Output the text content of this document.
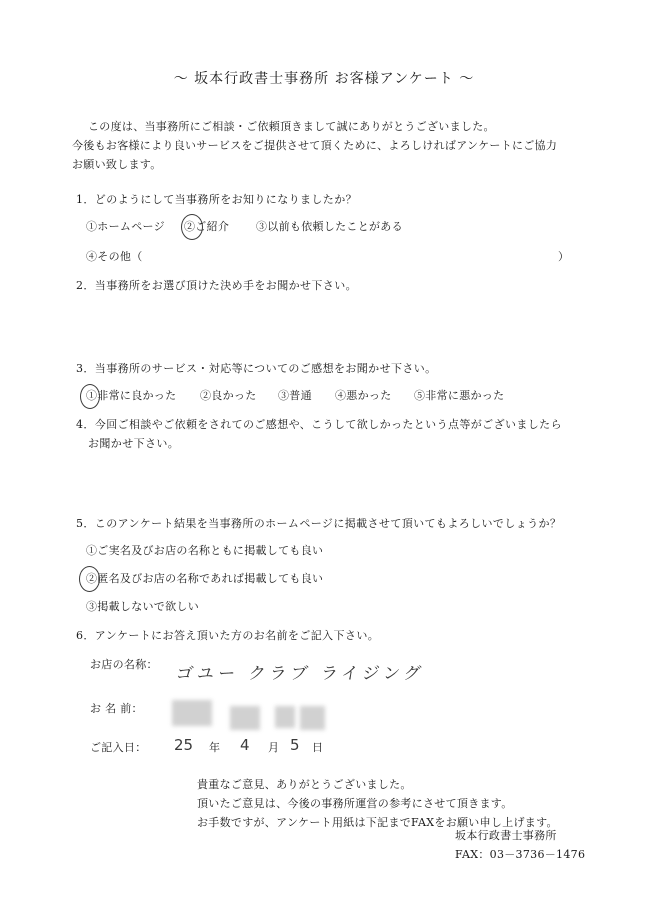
～ 坂本行政書士事務所 お客様アンケート ～
この度は、当事務所にご相談・ご依頼頂きまして誠にありがとうございました。
今後もお客様により良いサービスをご提供させて頂くために、よろしければアンケートにご協力
お願い致します。
1．どのようにして当事務所をお知りになりましたか？
①ホームページ ②ご紹介 ③以前も依頼したことがある
④その他（	）
2．当事務所をお選び頂けた決め手をお聞かせ下さい。
3．当事務所のサービス・対応等についてのご感想をお聞かせ下さい。
①非常に良かった ②良かった ③普通 ④悪かった ⑤非常に悪かった
4．今回ご相談やご依頼をされてのご感想や、こうして欲しかったという点等がございましたら
お聞かせ下さい。
5．このアンケート結果を当事務所のホームページに掲載させて頂いてもよろしいでしょうか？
①ご実名及びお店の名称ともに掲載しても良い
②匿名及びお店の名称であれば掲載しても良い
③掲載しないで欲しい
6．アンケートにお答え頂いた方のお名前をご記入下さい。
お店の名称： ゴユー クラブ ライジング
お 名 前：
ご記入日： 25 年 4 月 5 日
貴重なご意見、ありがとうございました。
頂いたご意見は、今後の事務所運営の参考にさせて頂きます。
お手数ですが、アンケート用紙は下記までFAXをお願い申し上げます。
坂本行政書士事務所
FAX：03－3736－1476
